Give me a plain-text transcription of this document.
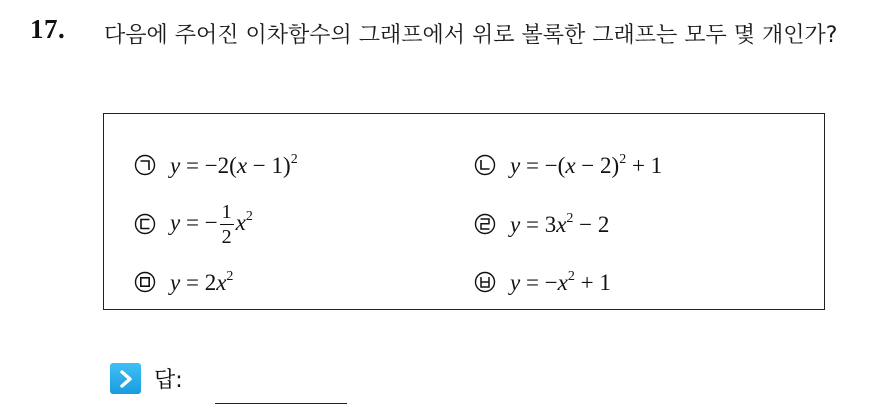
17. 다음에 주어진 이차함수의 그래프에서 위로 볼록한 그래프는 모두 몇 개인가?
$y = -2(x - 1)^2$	$y = -(x - 2)^2 + 1$
y = − $\frac{1}{2} x^2$	$y = 3x^2 - 2$
$y = 2x^2$	$y = -x^2 + 1$
답:
